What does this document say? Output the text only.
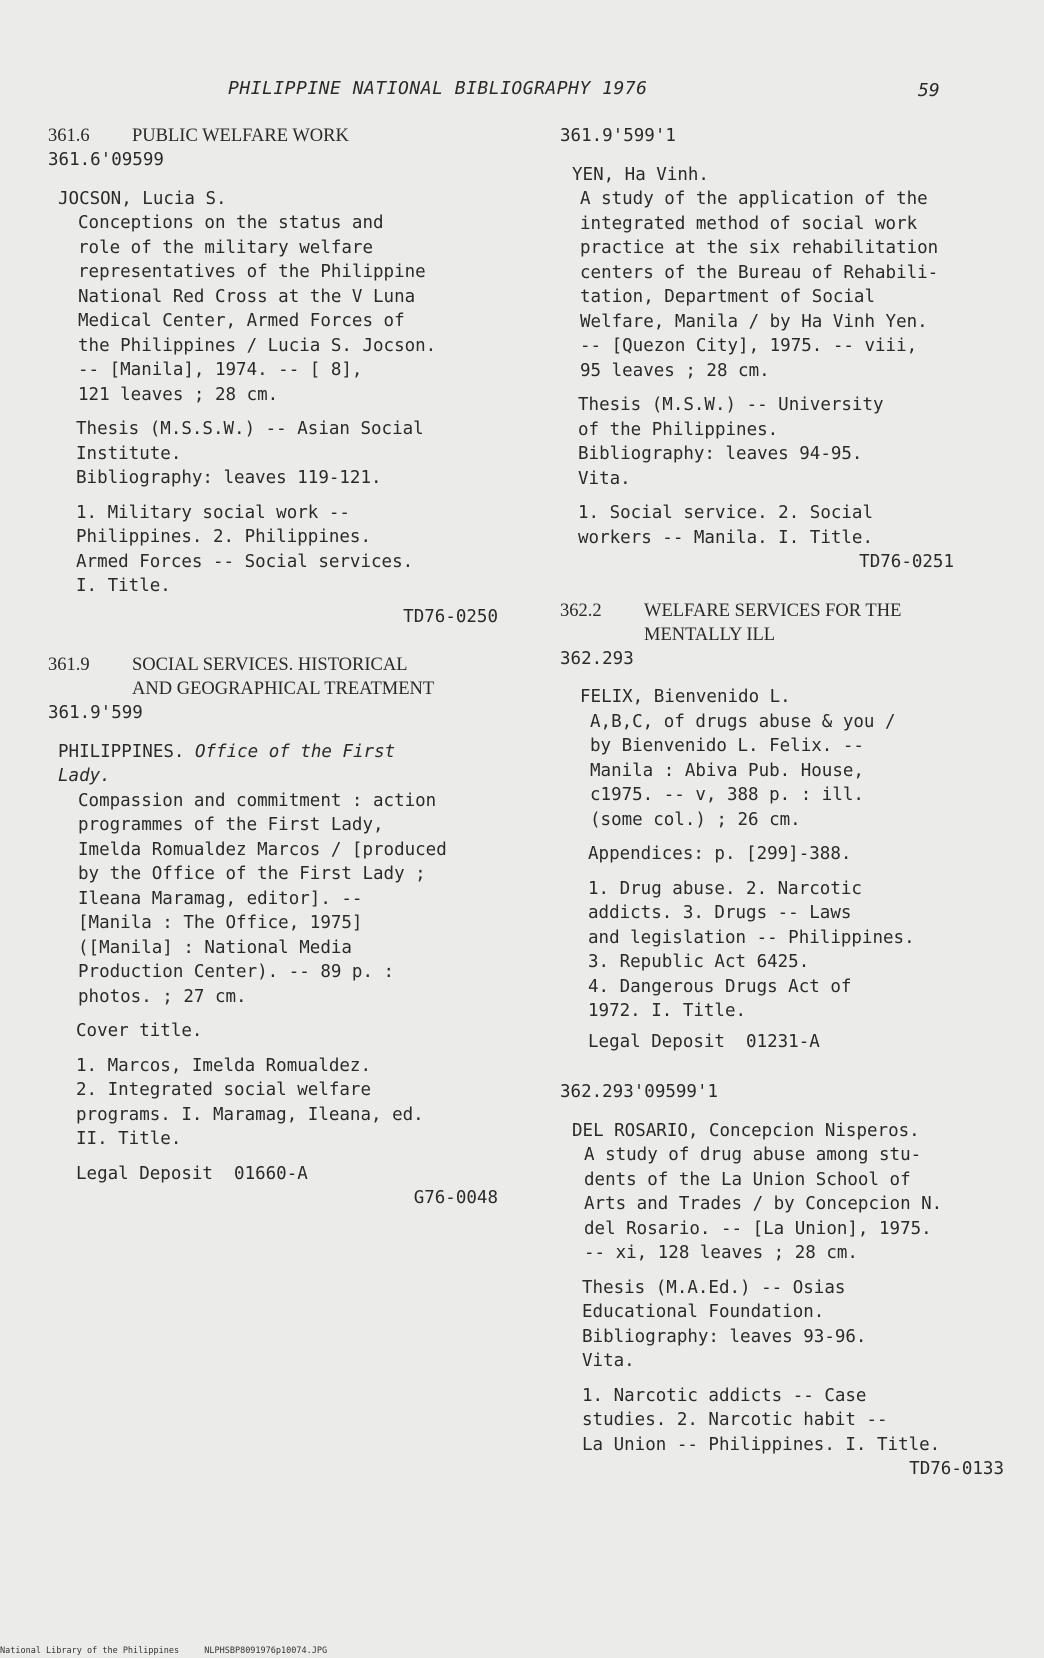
PHILIPPINE NATIONAL BIBLIOGRAPHY 1976	59
361.6	PUBLIC WELFARE WORK
361.6'09599
JOCSON, Lucia S.
Conceptions on the status and
role of the military welfare
representatives of the Philippine
National Red Cross at the V Luna
Medical Center, Armed Forces of
the Philippines / Lucia S. Jocson.
-- [Manila], 1974. -- [ 8],
121 leaves ; 28 cm.
Thesis (M.S.S.W.) -- Asian Social
Institute.
Bibliography: leaves 119-121.
1. Military social work --
Philippines. 2. Philippines.
Armed Forces -- Social services.
I. Title.
TD76-0250
361.9	SOCIAL SERVICES. HISTORICAL
AND GEOGRAPHICAL TREATMENT
361.9'599
PHILIPPINES. Office of the First
Lady.
Compassion and commitment : action
programmes of the First Lady,
Imelda Romualdez Marcos / [produced
by the Office of the First Lady ;
Ileana Maramag, editor]. --
[Manila : The Office, 1975]
([Manila] : National Media
Production Center). -- 89 p. :
photos. ; 27 cm.
Cover title.
1. Marcos, Imelda Romualdez.
2. Integrated social welfare
programs. I. Maramag, Ileana, ed.
II. Title.
Legal Deposit  01660-A
G76-0048
361.9'599'1
YEN, Ha Vinh.
A study of the application of the
integrated method of social work
practice at the six rehabilitation
centers of the Bureau of Rehabili-
tation, Department of Social
Welfare, Manila / by Ha Vinh Yen.
-- [Quezon City], 1975. -- viii,
95 leaves ; 28 cm.
Thesis (M.S.W.) -- University
of the Philippines.
Bibliography: leaves 94-95.
Vita.
1. Social service. 2. Social
workers -- Manila. I. Title.
TD76-0251
362.2	WELFARE SERVICES FOR THE
MENTALLY ILL
362.293
FELIX, Bienvenido L.
A,B,C, of drugs abuse & you /
by Bienvenido L. Felix. --
Manila : Abiva Pub. House,
c1975. -- v, 388 p. : ill.
(some col.) ; 26 cm.
Appendices: p. [299]-388.
1. Drug abuse. 2. Narcotic
addicts. 3. Drugs -- Laws
and legislation -- Philippines.
3. Republic Act 6425.
4. Dangerous Drugs Act of
1972. I. Title.
Legal Deposit  01231-A
362.293'09599'1
DEL ROSARIO, Concepcion Nisperos.
A study of drug abuse among stu-
dents of the La Union School of
Arts and Trades / by Concepcion N.
del Rosario. -- [La Union], 1975.
-- xi, 128 leaves ; 28 cm.
Thesis (M.A.Ed.) -- Osias
Educational Foundation.
Bibliography: leaves 93-96.
Vita.
1. Narcotic addicts -- Case
studies. 2. Narcotic habit --
La Union -- Philippines. I. Title.
TD76-0133
National Library of the Philippines	NLPHSBP8091976p10074.JPG
